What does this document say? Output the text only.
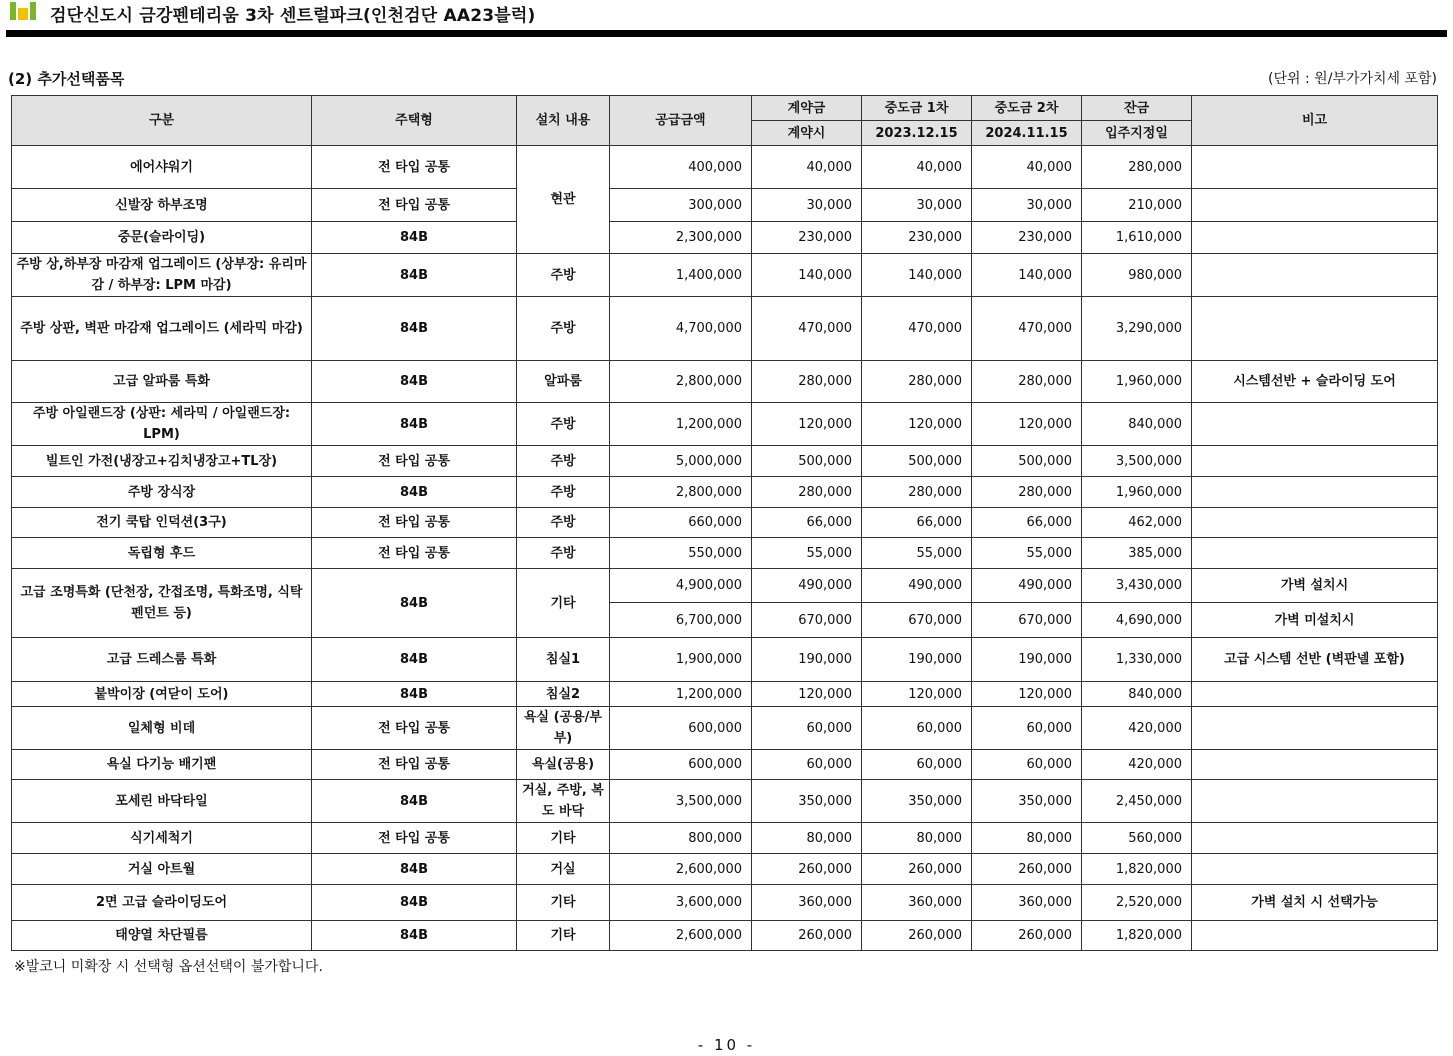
검단신도시 금강펜테리움 3차 센트럴파크(인천검단 AA23블럭)
(2) 추가선택품목	(단위 : 원/부가가치세 포함)
구분	주택형	설치 내용	공급금액	계약금	중도금 1차	중도금 2차	잔금	비고
				계약시	2023.12.15	2024.11.15	입주지정일	
에어샤워기	전 타입 공통	현관	400,000	40,000	40,000	40,000	280,000	
신발장 하부조명	전 타입 공통		300,000	30,000	30,000	30,000	210,000	
중문(슬라이딩)	84B		2,300,000	230,000	230,000	230,000	1,610,000	
주방 상,하부장 마감재 업그레이드 (상부장: 유리마감 / 하부장: LPM 마감)	84B	주방	1,400,000	140,000	140,000	140,000	980,000	
주방 상판, 벽판 마감재 업그레이드 (세라믹 마감)	84B	주방	4,700,000	470,000	470,000	470,000	3,290,000	
고급 알파룸 특화	84B	알파룸	2,800,000	280,000	280,000	280,000	1,960,000	시스템선반 + 슬라이딩 도어
주방 아일랜드장 (상판: 세라믹 / 아일랜드장: LPM)	84B	주방	1,200,000	120,000	120,000	120,000	840,000	
빌트인 가전(냉장고+김치냉장고+TL장)	전 타입 공통	주방	5,000,000	500,000	500,000	500,000	3,500,000	
주방 장식장	84B	주방	2,800,000	280,000	280,000	280,000	1,960,000	
전기 쿡탑 인덕션(3구)	전 타입 공통	주방	660,000	66,000	66,000	66,000	462,000	
독립형 후드	전 타입 공통	주방	550,000	55,000	55,000	55,000	385,000	
고급 조명특화 (단천장, 간접조명, 특화조명, 식탁펜던트 등)	84B	기타	4,900,000	490,000	490,000	490,000	3,430,000	가벽 설치시
			6,700,000	670,000	670,000	670,000	4,690,000	가벽 미설치시
고급 드레스룸 특화	84B	침실1	1,900,000	190,000	190,000	190,000	1,330,000	고급 시스템 선반 (벽판넬 포함)
붙박이장 (여닫이 도어)	84B	침실2	1,200,000	120,000	120,000	120,000	840,000	
일체형 비데	전 타입 공통	욕실 (공용/부부)	600,000	60,000	60,000	60,000	420,000	
욕실 다기능 배기팬	전 타입 공통	욕실(공용)	600,000	60,000	60,000	60,000	420,000	
포세린 바닥타일	84B	거실, 주방, 복도 바닥	3,500,000	350,000	350,000	350,000	2,450,000	
식기세척기	전 타입 공통	기타	800,000	80,000	80,000	80,000	560,000	
거실 아트월	84B	거실	2,600,000	260,000	260,000	260,000	1,820,000	
2면 고급 슬라이딩도어	84B	기타	3,600,000	360,000	360,000	360,000	2,520,000	가벽 설치 시 선택가능
태양열 차단필름	84B	기타	2,600,000	260,000	260,000	260,000	1,820,000	
※발코니 미확장 시 선택형 옵션선택이 불가합니다.
- 10 -
